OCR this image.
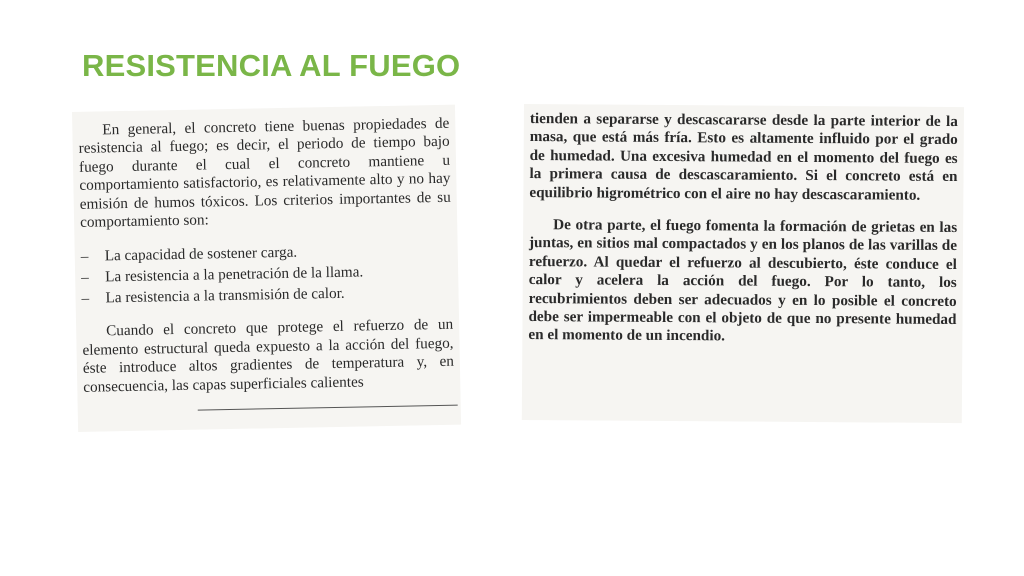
RESISTENCIA AL FUEGO

En general, el concreto tiene buenas propiedades de resistencia al fuego; es decir, el periodo de tiempo bajo fuego durante el cual el concreto mantiene u comportamiento satisfactorio, es relativamente alto y no hay emisión de humos tóxicos. Los criterios importantes de su comportamiento son:

–	La capacidad de sostener carga.
–	La resistencia a la penetración de la llama.
–	La resistencia a la transmisión de calor.

Cuando el concreto que protege el refuerzo de un elemento estructural queda expuesto a la acción del fuego, éste introduce altos gradientes de temperatura y, en consecuencia, las capas superficiales calientes

tienden a separarse y descascararse desde la parte interior de la masa, que está más fría. Esto es altamente influido por el grado de humedad. Una excesiva humedad en el momento del fuego es la primera causa de descascaramiento. Si el concreto está en equilibrio higrométrico con el aire no hay descascaramiento.

De otra parte, el fuego fomenta la formación de grietas en las juntas, en sitios mal compactados y en los planos de las varillas de refuerzo. Al quedar el refuerzo al descubierto, éste conduce el calor y acelera la acción del fuego. Por lo tanto, los recubrimientos deben ser adecuados y en lo posible el concreto debe ser impermeable con el objeto de que no presente humedad en el momento de un incendio.
